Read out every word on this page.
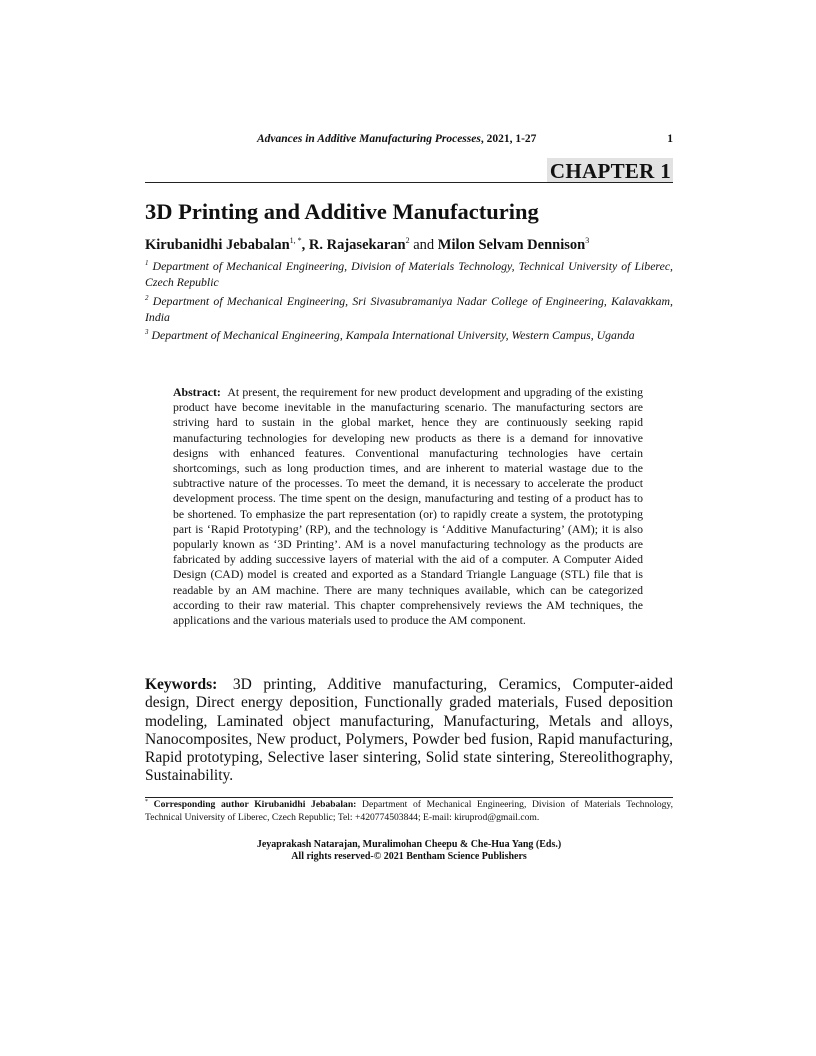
Advances in Additive Manufacturing Processes, 2021, 1-27	1
CHAPTER 1
3D Printing and Additive Manufacturing
Kirubanidhi Jebabalan$^{1, *}$, R. Rajasekaran$^2$ and Milon Selvam Dennison$^3$
$^1$ Department of Mechanical Engineering, Division of Materials Technology, Technical University of Liberec, Czech Republic
$^2$ Department of Mechanical Engineering, Sri Sivasubramaniya Nadar College of Engineering, Kalavakkam, India
$^3$ Department of Mechanical Engineering, Kampala International University, Western Campus, Uganda

Abstract: At present, the requirement for new product development and upgrading of the existing product have become inevitable in the manufacturing scenario. The manufacturing sectors are striving hard to sustain in the global market, hence they are continuously seeking rapid manufacturing technologies for developing new products as there is a demand for innovative designs with enhanced features. Conventional manufacturing technologies have certain shortcomings, such as long production times, and are inherent to material wastage due to the subtractive nature of the processes. To meet the demand, it is necessary to accelerate the product development process. The time spent on the design, manufacturing and testing of a product has to be shortened. To emphasize the part representation (or) to rapidly create a system, the prototyping part is ‘Rapid Prototyping’ (RP), and the technology is ‘Additive Manufacturing’ (AM); it is also popularly known as ‘3D Printing’. AM is a novel manufacturing technology as the products are fabricated by adding successive layers of material with the aid of a computer. A Computer Aided Design (CAD) model is created and exported as a Standard Triangle Language (STL) file that is readable by an AM machine. There are many techniques available, which can be categorized according to their raw material. This chapter comprehensively reviews the AM techniques, the applications and the various materials used to produce the AM component.

Keywords: 3D printing, Additive manufacturing, Ceramics, Computer-aided design, Direct energy deposition, Functionally graded materials, Fused deposition modeling, Laminated object manufacturing, Manufacturing, Metals and alloys, Nanocomposites, New product, Polymers, Powder bed fusion, Rapid manufacturing, Rapid prototyping, Selective laser sintering, Solid state sintering, Stereolithography, Sustainability.

* Corresponding author Kirubanidhi Jebabalan: Department of Mechanical Engineering, Division of Materials Technology, Technical University of Liberec, Czech Republic; Tel: +420774503844; E-mail: kiruprod@gmail.com.

Jeyaprakash Natarajan, Muralimohan Cheepu & Che-Hua Yang (Eds.)
All rights reserved-© 2021 Bentham Science Publishers
